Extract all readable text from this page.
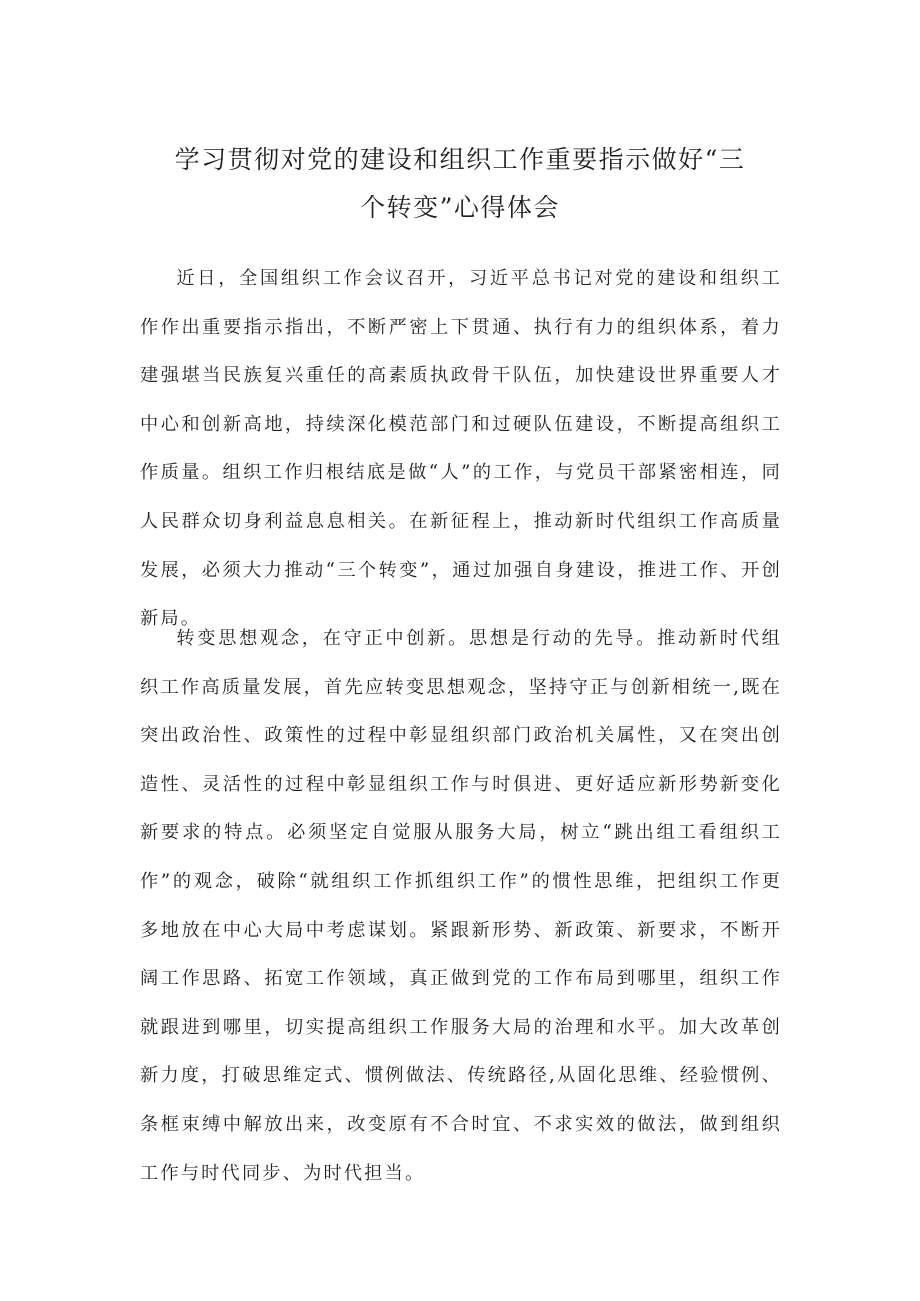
学习贯彻对党的建设和组织工作重要指示做好“三
个转变”心得体会

近日，全国组织工作会议召开，习近平总书记对党的建设和组织工作作出重要指示指出，不断严密上下贯通、执行有力的组织体系，着力建强堪当民族复兴重任的高素质执政骨干队伍，加快建设世界重要人才中心和创新高地，持续深化模范部门和过硬队伍建设，不断提高组织工作质量。组织工作归根结底是做“人”的工作，与党员干部紧密相连，同人民群众切身利益息息相关。在新征程上，推动新时代组织工作高质量发展，必须大力推动“三个转变”，通过加强自身建设，推进工作、开创新局。

转变思想观念，在守正中创新。思想是行动的先导。推动新时代组织工作高质量发展，首先应转变思想观念，坚持守正与创新相统一,既在突出政治性、政策性的过程中彰显组织部门政治机关属性，又在突出创造性、灵活性的过程中彰显组织工作与时俱进、更好适应新形势新变化新要求的特点。必须坚定自觉服从服务大局，树立“跳出组工看组织工作”的观念，破除“就组织工作抓组织工作”的惯性思维，把组织工作更多地放在中心大局中考虑谋划。紧跟新形势、新政策、新要求，不断开阔工作思路、拓宽工作领域，真正做到党的工作布局到哪里，组织工作就跟进到哪里，切实提高组织工作服务大局的治理和水平。加大改革创新力度，打破思维定式、惯例做法、传统路径,从固化思维、经验惯例、条框束缚中解放出来，改变原有不合时宜、不求实效的做法，做到组织工作与时代同步、为时代担当。
